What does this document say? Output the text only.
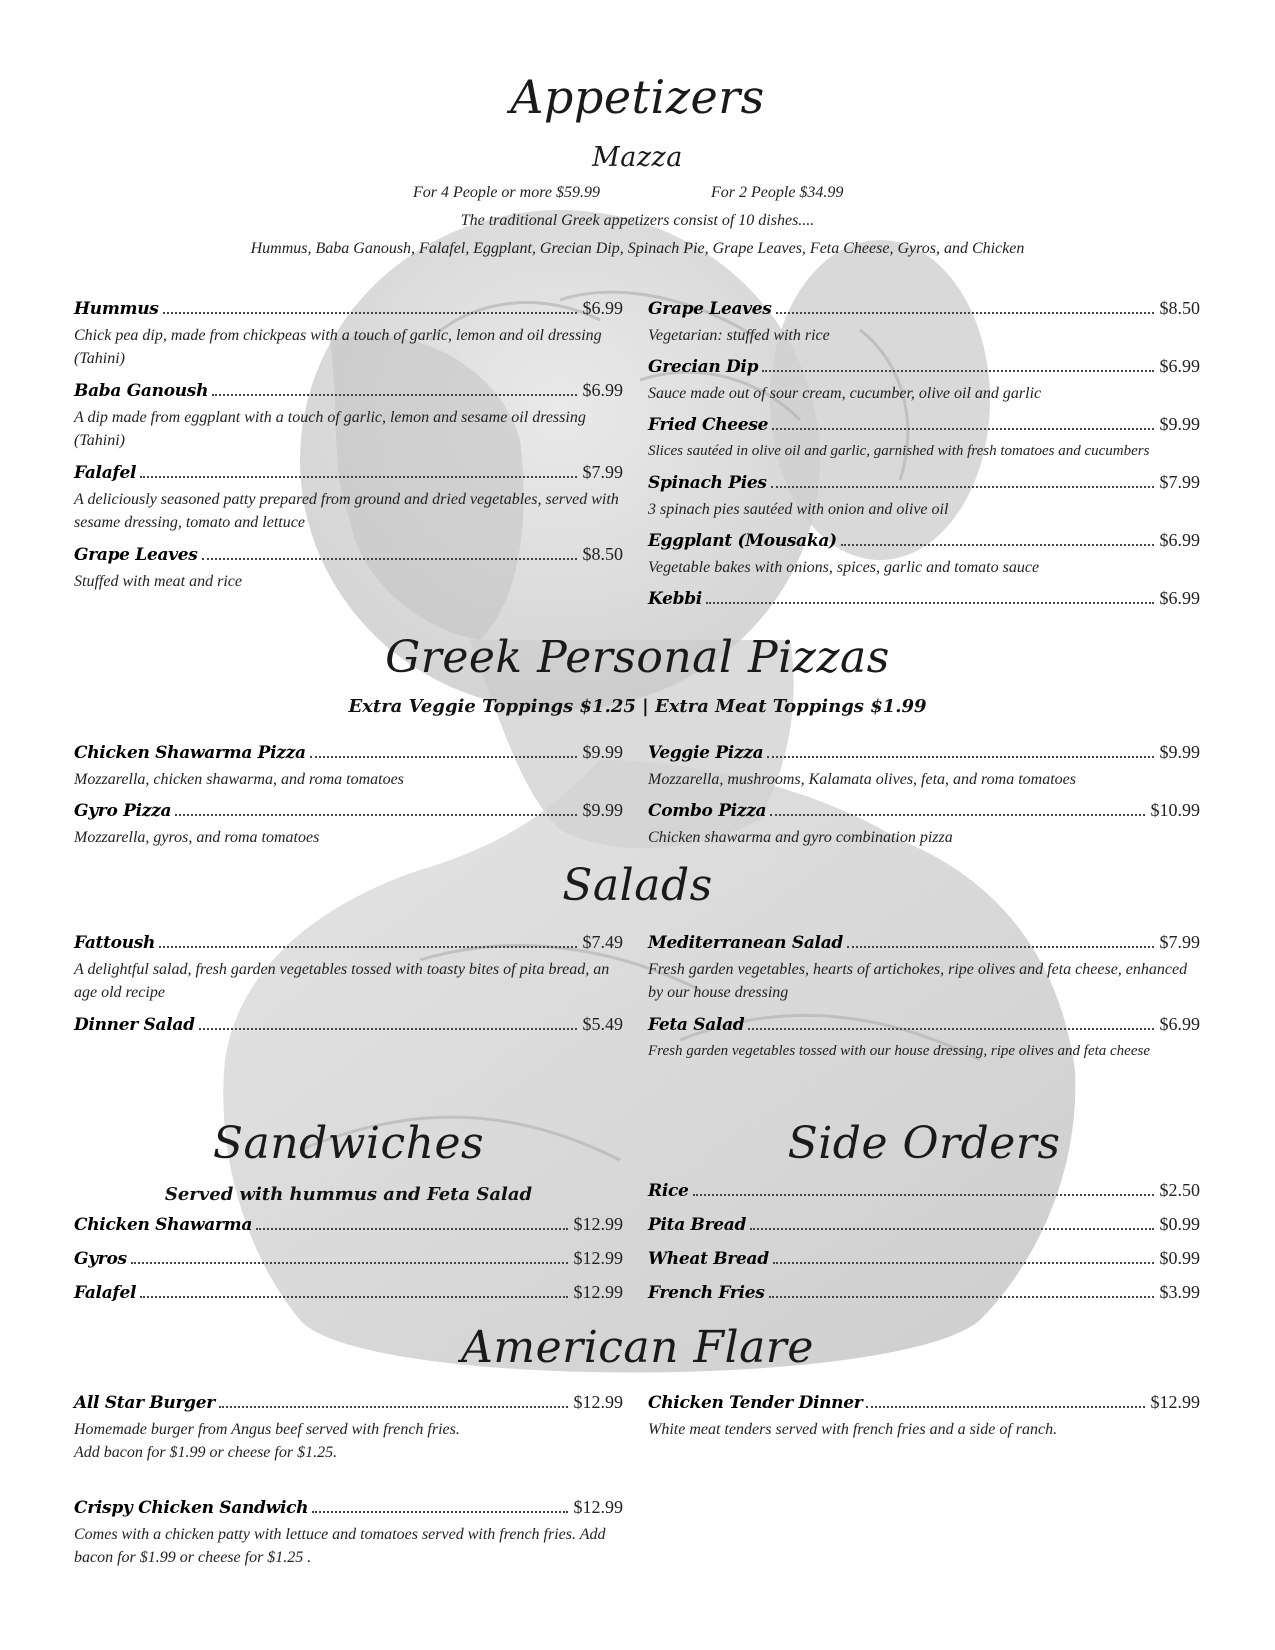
Appetizers
Mazza
For 4 People or more $59.99	For 2 People $34.99
The traditional Greek appetizers consist of 10 dishes....
Hummus, Baba Ganoush, Falafel, Eggplant, Grecian Dip, Spinach Pie, Grape Leaves, Feta Cheese, Gyros, and Chicken
Hummus	$6.99
Chick pea dip, made from chickpeas with a touch of garlic, lemon and oil dressing (Tahini)
Baba Ganoush	$6.99
A dip made from eggplant with a touch of garlic, lemon and sesame oil dressing (Tahini)
Falafel	$7.99
A deliciously seasoned patty prepared from ground and dried vegetables, served with sesame dressing, tomato and lettuce
Grape Leaves	$8.50
Stuffed with meat and rice
Grape Leaves	$8.50
Vegetarian: stuffed with rice
Grecian Dip	$6.99
Sauce made out of sour cream, cucumber, olive oil and garlic
Fried Cheese	$9.99
Slices sautéed in olive oil and garlic, garnished with fresh tomatoes and cucumbers
Spinach Pies	$7.99
3 spinach pies sautéed with onion and olive oil
Eggplant (Mousaka)	$6.99
Vegetable bakes with onions, spices, garlic and tomato sauce
Kebbi	$6.99
Greek Personal Pizzas
Extra Veggie Toppings $1.25 | Extra Meat Toppings $1.99
Chicken Shawarma Pizza	$9.99
Mozzarella, chicken shawarma, and roma tomatoes
Gyro Pizza	$9.99
Mozzarella, gyros, and roma tomatoes
Veggie Pizza	$9.99
Mozzarella, mushrooms, Kalamata olives, feta, and roma tomatoes
Combo Pizza	$10.99
Chicken shawarma and gyro combination pizza
Salads
Fattoush	$7.49
A delightful salad, fresh garden vegetables tossed with toasty bites of pita bread, an age old recipe
Dinner Salad	$5.49
Mediterranean Salad	$7.99
Fresh garden vegetables, hearts of artichokes, ripe olives and feta cheese, enhanced by our house dressing
Feta Salad	$6.99
Fresh garden vegetables tossed with our house dressing, ripe olives and feta cheese
Sandwiches
Served with hummus and Feta Salad
Chicken Shawarma	$12.99
Gyros	$12.99
Falafel	$12.99
Side Orders
Rice	$2.50
Pita Bread	$0.99
Wheat Bread	$0.99
French Fries	$3.99
American Flare
All Star Burger	$12.99
Homemade burger from Angus beef served with french fries.
Add bacon for $1.99 or cheese for $1.25.
Crispy Chicken Sandwich	$12.99
Comes with a chicken patty with lettuce and tomatoes served with french fries. Add bacon for $1.99 or cheese for $1.25 .
Chicken Tender Dinner	$12.99
White meat tenders served with french fries and a side of ranch.
